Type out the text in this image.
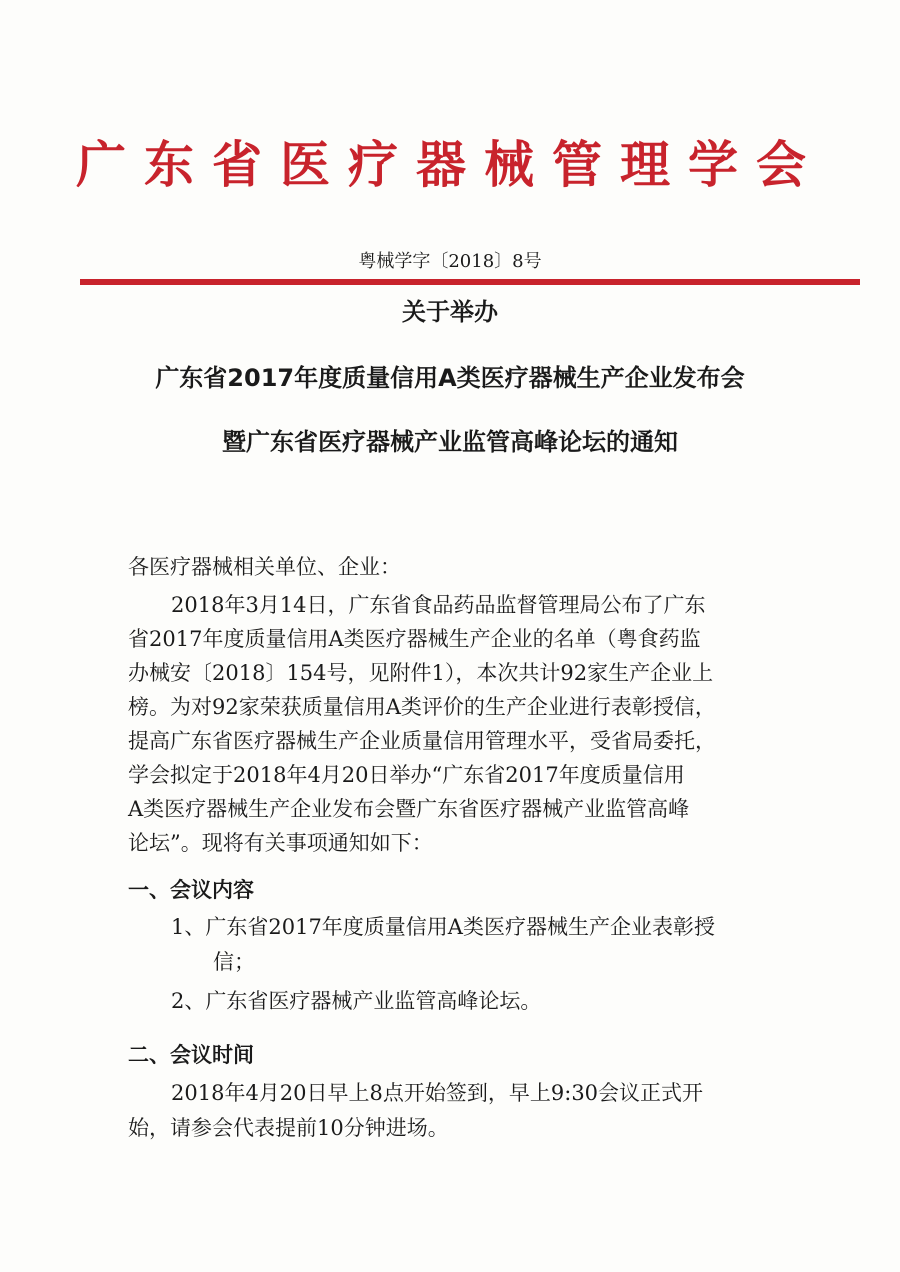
广东省医疗器械管理学会
粤械学字〔2018〕8号
关于举办
广东省2017年度质量信用A类医疗器械生产企业发布会
暨广东省医疗器械产业监管高峰论坛的通知
各医疗器械相关单位、企业：
2018年3月14日，广东省食品药品监督管理局公布了广东
省2017年度质量信用A类医疗器械生产企业的名单（粤食药监
办械安〔2018〕154号，见附件1），本次共计92家生产企业上
榜。为对92家荣获质量信用A类评价的生产企业进行表彰授信，
提高广东省医疗器械生产企业质量信用管理水平，受省局委托，
学会拟定于2018年4月20日举办“广东省2017年度质量信用
A类医疗器械生产企业发布会暨广东省医疗器械产业监管高峰
论坛”。现将有关事项通知如下：
一、会议内容
1、广东省2017年度质量信用A类医疗器械生产企业表彰授
信；
2、广东省医疗器械产业监管高峰论坛。
二、会议时间
2018年4月20日早上8点开始签到，早上9:30会议正式开
始，请参会代表提前10分钟进场。
